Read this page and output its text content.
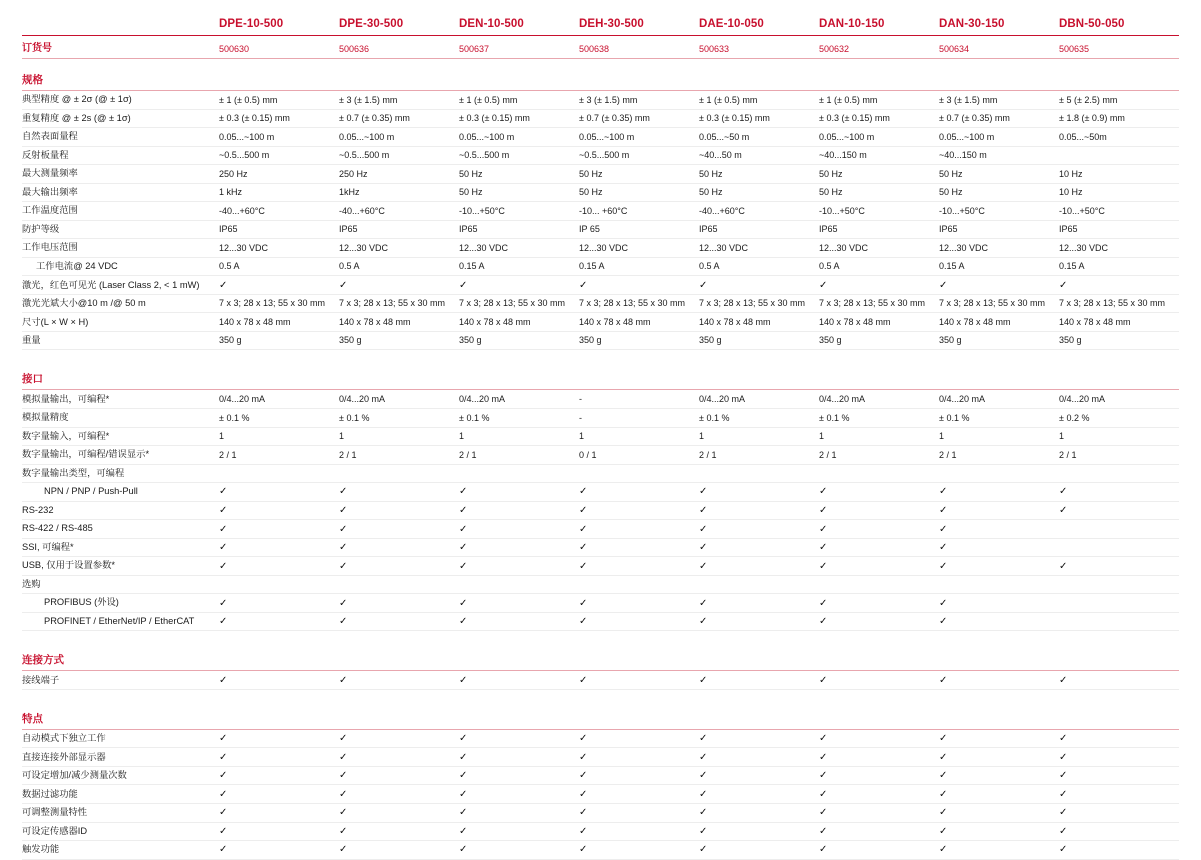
	DPE-10-500	DPE-30-500	DEN-10-500	DEH-30-500	DAE-10-050	DAN-10-150	DAN-30-150	DBN-50-050
订货号	500630	500636	500637	500638	500633	500632	500634	500635
规格								
典型精度 @ ± 2σ (@ ± 1σ)	± 1 (± 0.5) mm	± 3 (± 1.5) mm	± 1 (± 0.5) mm	± 3 (± 1.5) mm	± 1 (± 0.5) mm	± 1 (± 0.5) mm	± 3 (± 1.5) mm	± 5 (± 2.5) mm
重复精度 @ ± 2s (@ ± 1σ)	± 0.3 (± 0.15) mm	± 0.7 (± 0.35) mm	± 0.3 (± 0.15) mm	± 0.7 (± 0.35) mm	± 0.3 (± 0.15) mm	± 0.3 (± 0.15) mm	± 0.7 (± 0.35) mm	± 1.8 (± 0.9) mm
自然表面量程	0.05...~100 m	0.05...~100 m	0.05...~100 m	0.05...~100 m	0.05...~50 m	0.05...~100 m	0.05...~100 m	0.05...~50m
反射板量程	~0.5...500 m	~0.5...500 m	~0.5...500 m	~0.5...500 m	~40...50 m	~40...150 m	~40...150 m	
最大测量频率	250 Hz	250 Hz	50 Hz	50 Hz	50 Hz	50 Hz	50 Hz	10 Hz
最大输出频率	1 kHz	1kHz	50 Hz	50 Hz	50 Hz	50 Hz	50 Hz	10 Hz
工作温度范围	-40...+60°C	-40...+60°C	-10...+50°C	-10... +60°C	-40...+60°C	-10...+50°C	-10...+50°C	-10...+50°C
防护等级	IP65	IP65	IP65	IP 65	IP65	IP65	IP65	IP65
工作电压范围	12...30 VDC	12...30 VDC	12...30 VDC	12...30 VDC	12...30 VDC	12...30 VDC	12...30 VDC	12...30 VDC
工作电流@ 24 VDC	0.5 A	0.5 A	0.15 A	0.15 A	0.5 A	0.5 A	0.15 A	0.15 A
激光，红色可见光 (Laser Class 2, < 1 mW)	✓	✓	✓	✓	✓	✓	✓	✓
激光光斌大小@10 m /@ 50 m	7 x 3; 28 x 13; 55 x 30 mm	7 x 3; 28 x 13; 55 x 30 mm	7 x 3; 28 x 13; 55 x 30 mm	7 x 3; 28 x 13; 55 x 30 mm	7 x 3; 28 x 13; 55 x 30 mm	7 x 3; 28 x 13; 55 x 30 mm	7 x 3; 28 x 13; 55 x 30 mm	7 x 3; 28 x 13; 55 x 30 mm
尺寸(L × W × H)	140 x 78 x 48 mm	140 x 78 x 48 mm	140 x 78 x 48 mm	140 x 78 x 48 mm	140 x 78 x 48 mm	140 x 78 x 48 mm	140 x 78 x 48 mm	140 x 78 x 48 mm
重量	350 g	350 g	350 g	350 g	350 g	350 g	350 g	350 g

接口								
模拟量输出，可编程*	0/4...20 mA	0/4...20 mA	0/4...20 mA	-	0/4...20 mA	0/4...20 mA	0/4...20 mA	0/4...20 mA
模拟量精度	± 0.1 %	± 0.1 %	± 0.1 %	-	± 0.1 %	± 0.1 %	± 0.1 %	± 0.2 %
数字量输入，可编程*	1	1	1	1	1	1	1	1
数字量输出，可编程/错误显示*	2 / 1	2 / 1	2 / 1	0 / 1	2 / 1	2 / 1	2 / 1	2 / 1
数字量输出类型，可编程								
NPN / PNP / Push-Pull	✓	✓	✓	✓	✓	✓	✓	✓
RS-232	✓	✓	✓	✓	✓	✓	✓	✓
RS-422 / RS-485	✓	✓	✓	✓	✓	✓	✓	
SSI, 可编程*	✓	✓	✓	✓	✓	✓	✓	
USB, 仅用于设置参数*	✓	✓	✓	✓	✓	✓	✓	✓
选购								
PROFIBUS (外设)	✓	✓	✓	✓	✓	✓	✓	
PROFINET / EtherNet/IP / EtherCAT	✓	✓	✓	✓	✓	✓	✓	

连接方式								
接线端子	✓	✓	✓	✓	✓	✓	✓	✓

特点								
自动模式下独立工作	✓	✓	✓	✓	✓	✓	✓	✓
直接连接外部显示器	✓	✓	✓	✓	✓	✓	✓	✓
可设定增加/减少测量次数	✓	✓	✓	✓	✓	✓	✓	✓
数据过滤功能	✓	✓	✓	✓	✓	✓	✓	✓
可调整测量特性	✓	✓	✓	✓	✓	✓	✓	✓
可设定传感器ID	✓	✓	✓	✓	✓	✓	✓	✓
触发功能	✓	✓	✓	✓	✓	✓	✓	✓
